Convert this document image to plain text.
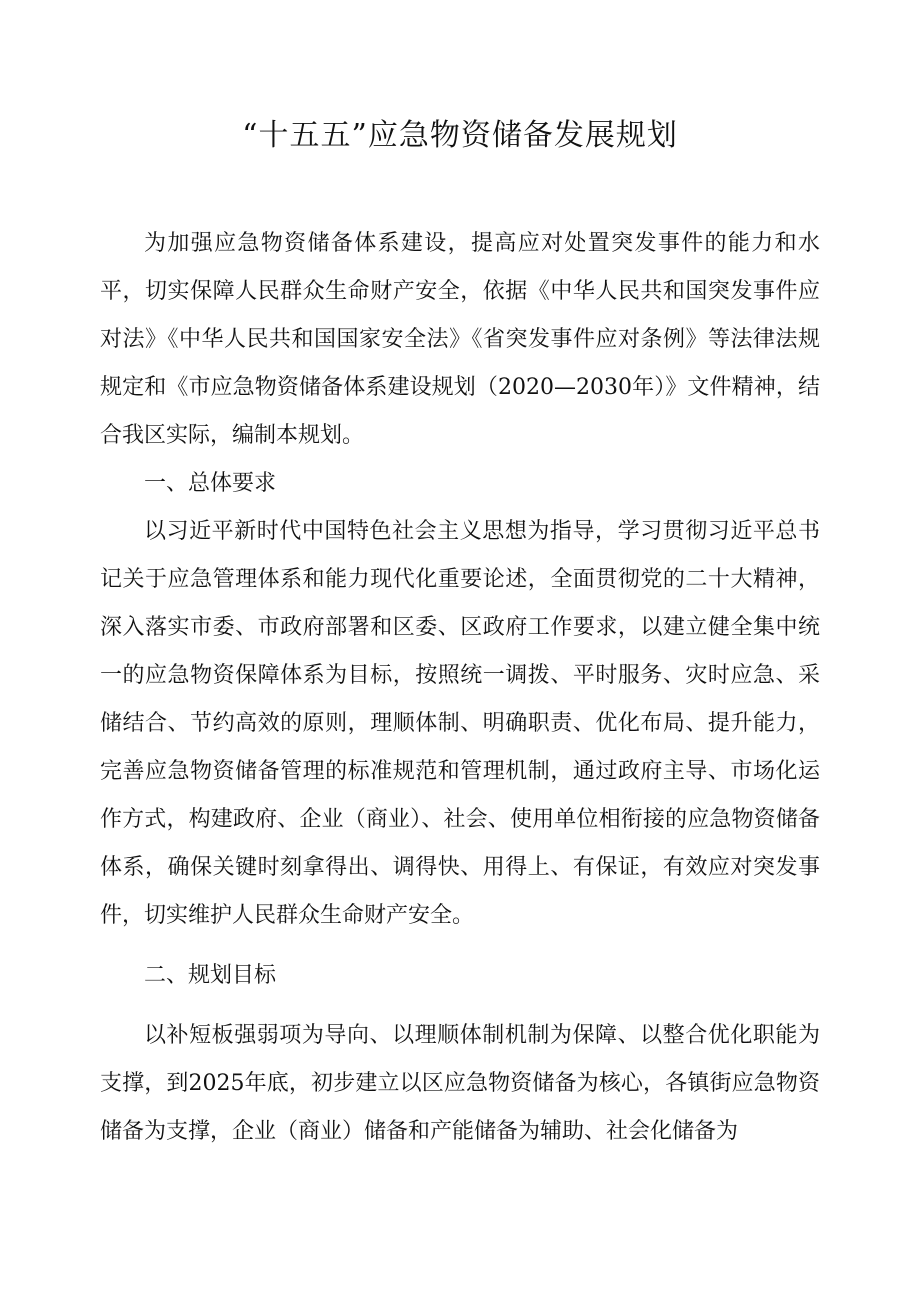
“十五五”应急物资储备发展规划

为加强应急物资储备体系建设，提高应对处置突发事件的能力和水平，切实保障人民群众生命财产安全，依据《中华人民共和国突发事件应对法》《中华人民共和国国家安全法》《省突发事件应对条例》等法律法规规定和《市应急物资储备体系建设规划（2020—2030年）》文件精神，结合我区实际，编制本规划。

一、总体要求

以习近平新时代中国特色社会主义思想为指导，学习贯彻习近平总书记关于应急管理体系和能力现代化重要论述，全面贯彻党的二十大精神，深入落实市委、市政府部署和区委、区政府工作要求，以建立健全集中统一的应急物资保障体系为目标，按照统一调拨、平时服务、灾时应急、采储结合、节约高效的原则，理顺体制、明确职责、优化布局、提升能力，完善应急物资储备管理的标准规范和管理机制，通过政府主导、市场化运作方式，构建政府、企业（商业）、社会、使用单位相衔接的应急物资储备体系，确保关键时刻拿得出、调得快、用得上、有保证，有效应对突发事件，切实维护人民群众生命财产安全。

二、规划目标

以补短板强弱项为导向、以理顺体制机制为保障、以整合优化职能为支撑，到2025年底，初步建立以区应急物资储备为核心，各镇街应急物资储备为支撑，企业（商业）储备和产能储备为辅助、社会化储备为
